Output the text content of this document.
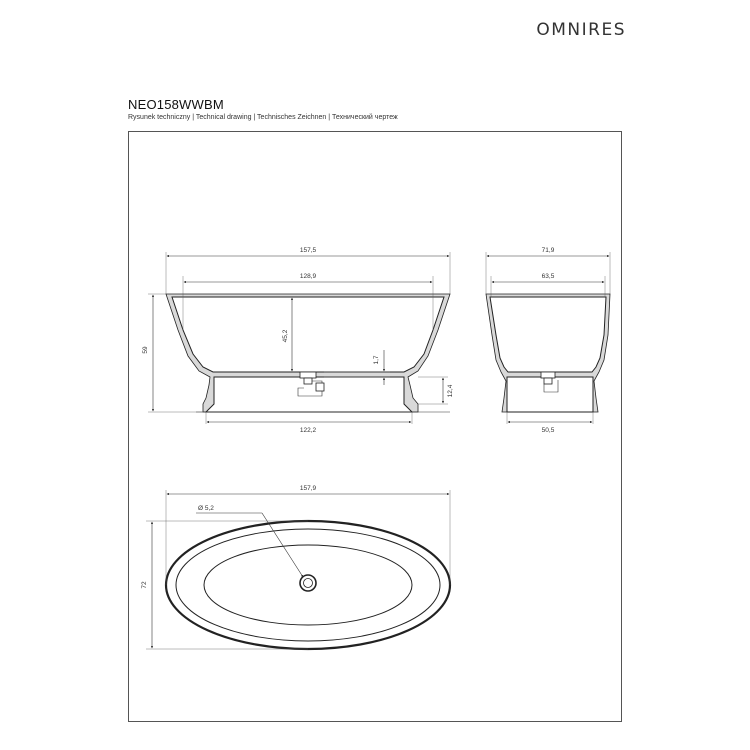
OMNIRES
NEO158WWBM
Rysunek techniczny | Technical drawing | Technisches Zeichnen | Технический чертеж
157,5
128,9
45,2
59
1,7
12,4
122,2
71,9
63,5
50,5
157,9
Ø 5,2
72
